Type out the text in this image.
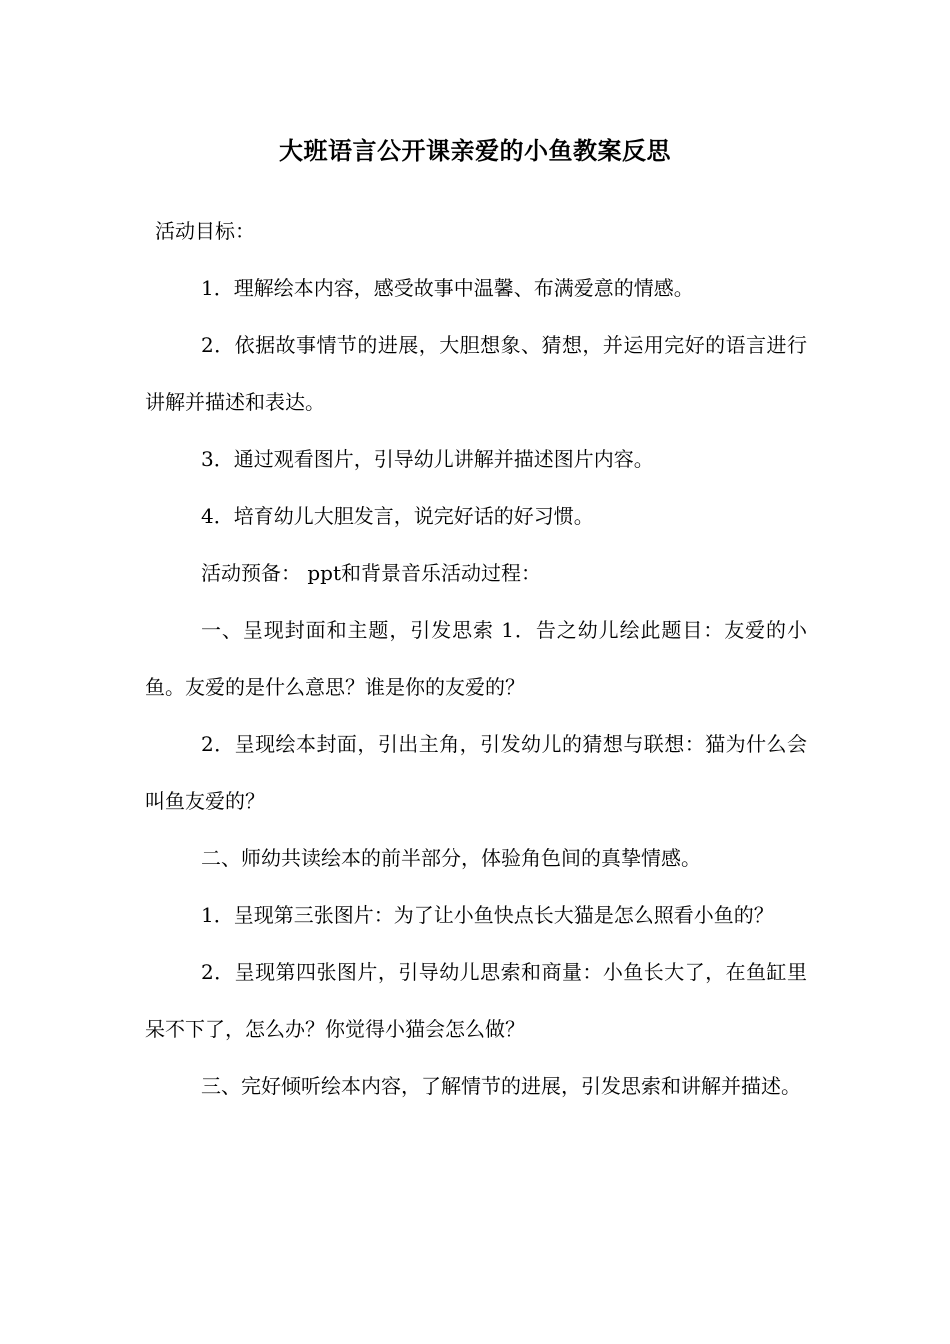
大班语言公开课亲爱的小鱼教案反思

活动目标：

1．理解绘本内容，感受故事中温馨、布满爱意的情感。

2．依据故事情节的进展，大胆想象、猜想，并运用完好的语言进行讲解并描述和表达。

3．通过观看图片，引导幼儿讲解并描述图片内容。

4．培育幼儿大胆发言，说完好话的好习惯。

活动预备： ppt和背景音乐活动过程：

一、呈现封面和主题，引发思索 1．告之幼儿绘此题目：友爱的小鱼。友爱的是什么意思？谁是你的友爱的？

2．呈现绘本封面，引出主角，引发幼儿的猜想与联想：猫为什么会叫鱼友爱的？

二、师幼共读绘本的前半部分，体验角色间的真挚情感。

1．呈现第三张图片：为了让小鱼快点长大猫是怎么照看小鱼的？

2．呈现第四张图片，引导幼儿思索和商量：小鱼长大了，在鱼缸里呆不下了，怎么办？你觉得小猫会怎么做？

三、完好倾听绘本内容，了解情节的进展，引发思索和讲解并描述。
